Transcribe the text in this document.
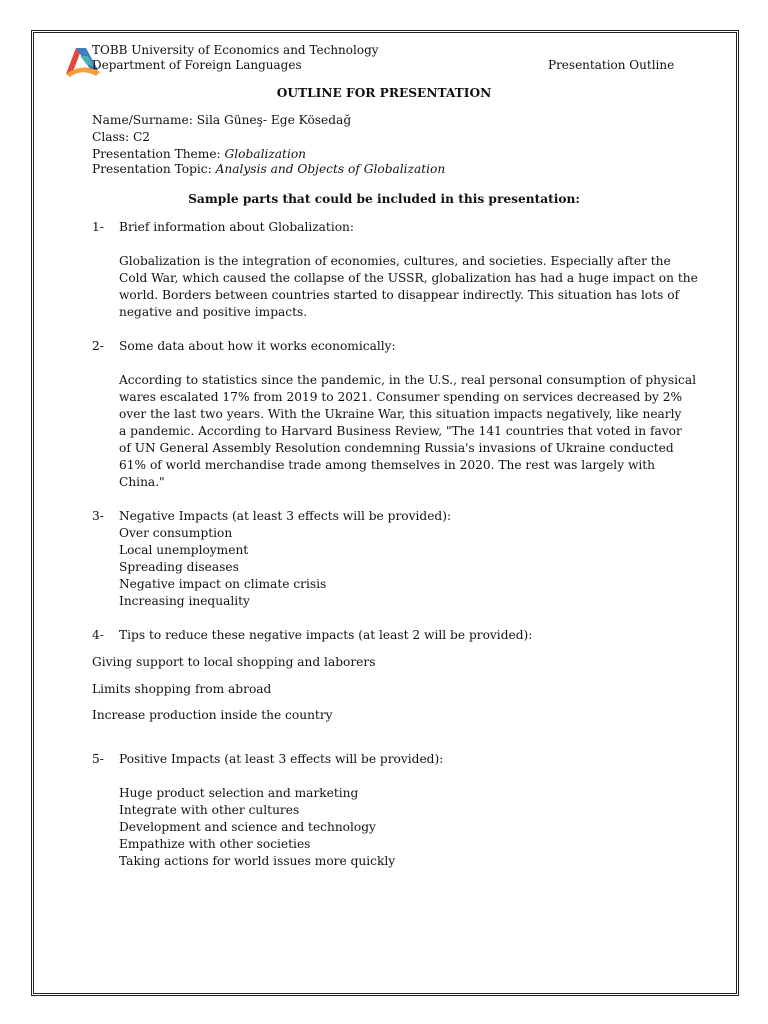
TOBB University of Economics and Technology
Department of Foreign Languages	Presentation Outline
OUTLINE FOR PRESENTATION
Name/Surname: Sila Güneş- Ege Kösedağ
Class: C2
Presentation Theme: Globalization
Presentation Topic: Analysis and Objects of Globalization
Sample parts that could be included in this presentation:
1- Brief information about Globalization:
Globalization is the integration of economies, cultures, and societies. Especially after the
Cold War, which caused the collapse of the USSR, globalization has had a huge impact on the
world. Borders between countries started to disappear indirectly. This situation has lots of
negative and positive impacts.
2- Some data about how it works economically:
According to statistics since the pandemic, in the U.S., real personal consumption of physical
wares escalated 17% from 2019 to 2021. Consumer spending on services decreased by 2%
over the last two years. With the Ukraine War, this situation impacts negatively, like nearly
a pandemic. According to Harvard Business Review, "The 141 countries that voted in favor
of UN General Assembly Resolution condemning Russia's invasions of Ukraine conducted
61% of world merchandise trade among themselves in 2020. The rest was largely with
China."
3- Negative Impacts (at least 3 effects will be provided):
Over consumption
Local unemployment
Spreading diseases
Negative impact on climate crisis
Increasing inequality
4- Tips to reduce these negative impacts (at least 2 will be provided):
Giving support to local shopping and laborers
Limits shopping from abroad
Increase production inside the country
5- Positive Impacts (at least 3 effects will be provided):
Huge product selection and marketing
Integrate with other cultures
Development and science and technology
Empathize with other societies
Taking actions for world issues more quickly
